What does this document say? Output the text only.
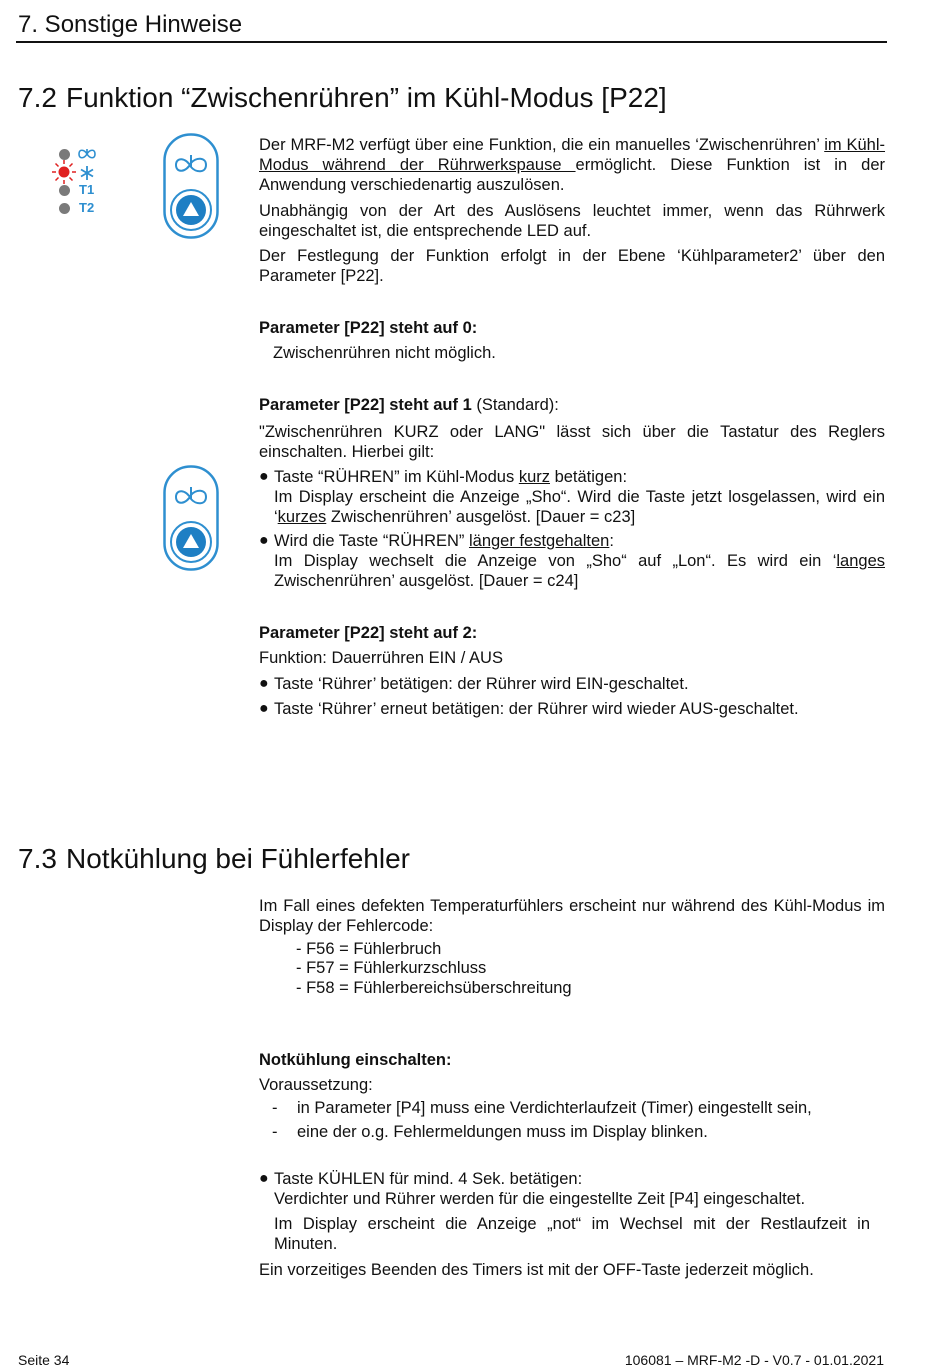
7. Sonstige Hinweise
7.2 Funktion “Zwischenrühren” im Kühl-Modus [P22]
T1
T2
Der MRF-M2 verfügt über eine Funktion, die ein manuelles ‘Zwischenrühren’ im Kühl-Modus während der Rührwerkspause ermöglicht. Diese Funktion ist in der Anwendung verschiedenartig auszulösen.
Unabhängig von der Art des Auslösens leuchtet immer, wenn das Rührwerk eingeschaltet ist, die entsprechende LED auf.
Der Festlegung der Funktion erfolgt in der Ebene ‘Kühlparameter2’ über den Parameter [P22].
Parameter [P22] steht auf 0:
Zwischenrühren nicht möglich.
Parameter [P22] steht auf 1 (Standard):
"Zwischenrühren KURZ oder LANG" lässt sich über die Tastatur des Reglers einschalten. Hierbei gilt:
● Taste “RÜHREN” im Kühl-Modus kurz betätigen:
Im Display erscheint die Anzeige „Sho“. Wird die Taste jetzt losgelassen, wird ein ‘kurzes Zwischenrühren’ ausgelöst. [Dauer = c23]
● Wird die Taste “RÜHREN” länger festgehalten:
Im Display wechselt die Anzeige von „Sho“ auf „Lon“. Es wird ein ‘langes Zwischenrühren’ ausgelöst. [Dauer = c24]
Parameter [P22] steht auf 2:
Funktion: Dauerrühren EIN / AUS
● Taste ‘Rührer’ betätigen: der Rührer wird EIN-geschaltet.
● Taste ‘Rührer’ erneut betätigen: der Rührer wird wieder AUS-geschaltet.
7.3 Notkühlung bei Fühlerfehler
Im Fall eines defekten Temperaturfühlers erscheint nur während des Kühl-Modus im Display der Fehlercode:
- F56 = Fühlerbruch
- F57 = Fühlerkurzschluss
- F58 = Fühlerbereichsüberschreitung
Notkühlung einschalten:
Voraussetzung:
- in Parameter [P4] muss eine Verdichterlaufzeit (Timer) eingestellt sein,
- eine der o.g. Fehlermeldungen muss im Display blinken.
● Taste KÜHLEN für mind. 4 Sek. betätigen:
Verdichter und Rührer werden für die eingestellte Zeit [P4] eingeschaltet.
Im Display erscheint die Anzeige „not“ im Wechsel mit der Restlaufzeit in Minuten.
Ein vorzeitiges Beenden des Timers ist mit der OFF-Taste jederzeit möglich.
Seite 34	106081 – MRF-M2 -D - V0.7 - 01.01.2021
